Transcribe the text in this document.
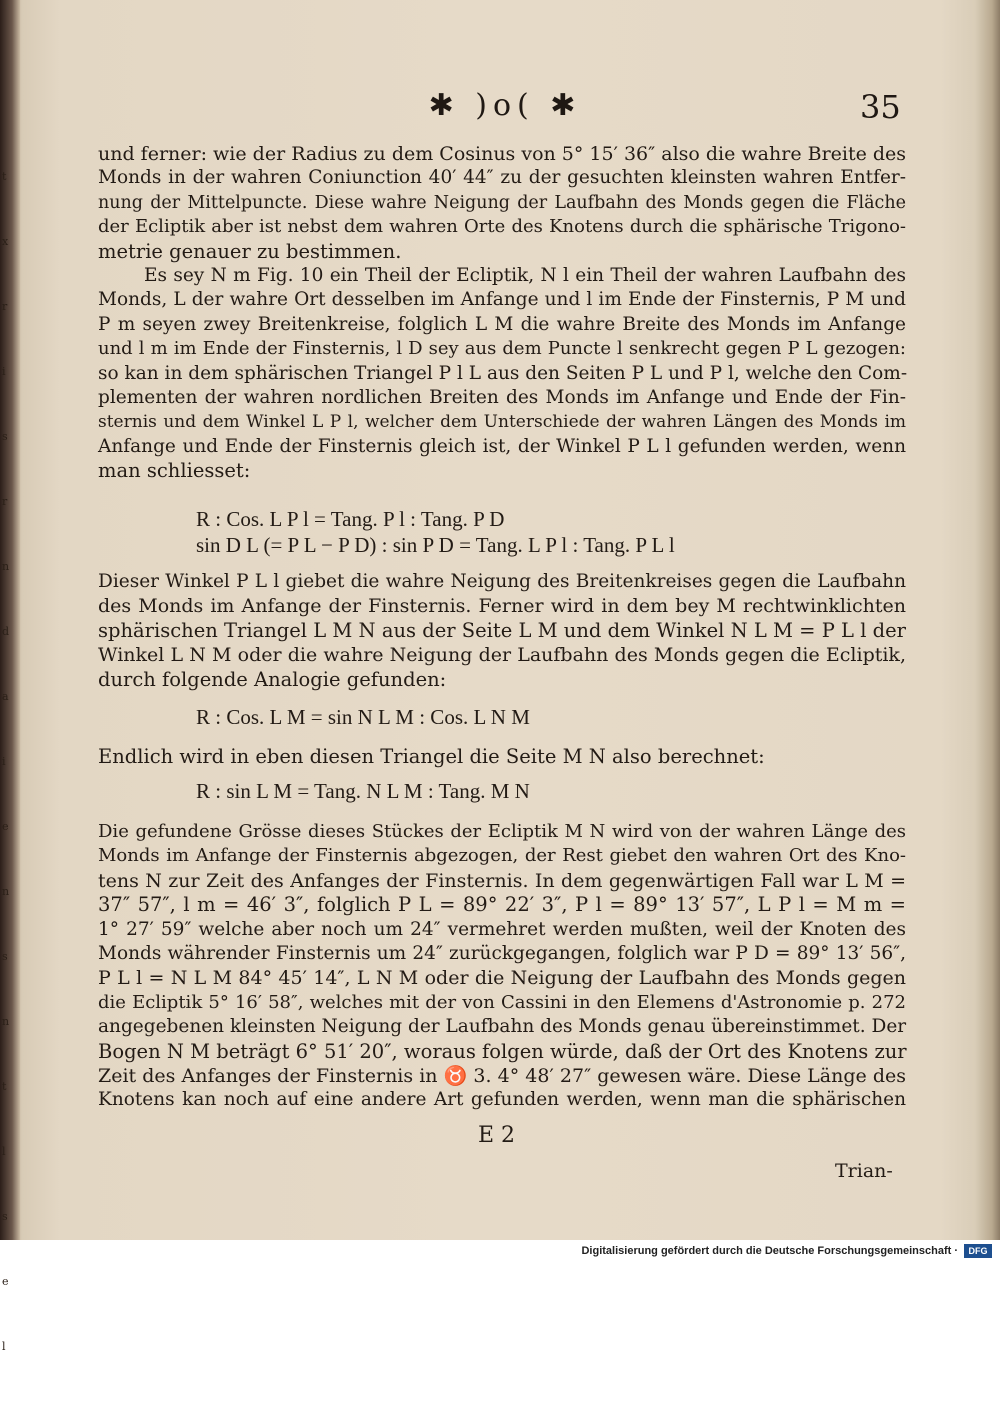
t
x
r
i
s
r
n
d
a
i
e
n
s
n
t
l
s
e
l
✱ )o( ✱	35
und ferner: wie der Radius zu dem Cosinus von 5° 15′ 36″ also die wahre Breite des
Monds in der wahren Coniunction 40′ 44″ zu der gesuchten kleinsten wahren Entfer-
nung der Mittelpuncte. Diese wahre Neigung der Laufbahn des Monds gegen die Fläche
der Ecliptik aber ist nebst dem wahren Orte des Knotens durch die sphärische Trigono-
metrie genauer zu bestimmen.
Es sey N m Fig. 10 ein Theil der Ecliptik, N l ein Theil der wahren Laufbahn des
Monds, L der wahre Ort desselben im Anfange und l im Ende der Finsternis, P M und
P m seyen zwey Breitenkreise, folglich L M die wahre Breite des Monds im Anfange
und l m im Ende der Finsternis, l D sey aus dem Puncte l senkrecht gegen P L gezogen:
so kan in dem sphärischen Triangel P l L aus den Seiten P L und P l, welche den Com-
plementen der wahren nordlichen Breiten des Monds im Anfange und Ende der Fin-
sternis und dem Winkel L P l, welcher dem Unterschiede der wahren Längen des Monds im
Anfange und Ende der Finsternis gleich ist, der Winkel P L l gefunden werden, wenn
man schliesset:
R : Cos. L P l = Tang. P l : Tang. P D
sin D L (= P L − P D) : sin P D = Tang. L P l : Tang. P L l
Dieser Winkel P L l giebet die wahre Neigung des Breitenkreises gegen die Laufbahn
des Monds im Anfange der Finsternis. Ferner wird in dem bey M rechtwinklichten
sphärischen Triangel L M N aus der Seite L M und dem Winkel N L M = P L l der
Winkel L N M oder die wahre Neigung der Laufbahn des Monds gegen die Ecliptik,
durch folgende Analogie gefunden:
R : Cos. L M = sin N L M : Cos. L N M
Endlich wird in eben diesen Triangel die Seite M N also berechnet:
R : sin L M = Tang. N L M : Tang. M N
Die gefundene Grösse dieses Stückes der Ecliptik M N wird von der wahren Länge des
Monds im Anfange der Finsternis abgezogen, der Rest giebet den wahren Ort des Kno-
tens N zur Zeit des Anfanges der Finsternis. In dem gegenwärtigen Fall war L M =
37″ 57″, l m = 46′ 3″, folglich P L = 89° 22′ 3″, P l = 89° 13′ 57″, L P l = M m =
1° 27′ 59″ welche aber noch um 24″ vermehret werden mußten, weil der Knoten des
Monds währender Finsternis um 24″ zurückgegangen, folglich war P D = 89° 13′ 56″,
P L l = N L M 84° 45′ 14″, L N M oder die Neigung der Laufbahn des Monds gegen
die Ecliptik 5° 16′ 58″, welches mit der von Cassini in den Elemens d'Astronomie p. 272
angegebenen kleinsten Neigung der Laufbahn des Monds genau übereinstimmet. Der
Bogen N M beträgt 6° 51′ 20″, woraus folgen würde, daß der Ort des Knotens zur
Zeit des Anfanges der Finsternis in ♉ 3. 4° 48′ 27″ gewesen wäre. Diese Länge des
Knotens kan noch auf eine andere Art gefunden werden, wenn man die sphärischen
E 2
Trian-
Digitalisierung gefördert durch die Deutsche Forschungsgemeinschaft ·	DFG
